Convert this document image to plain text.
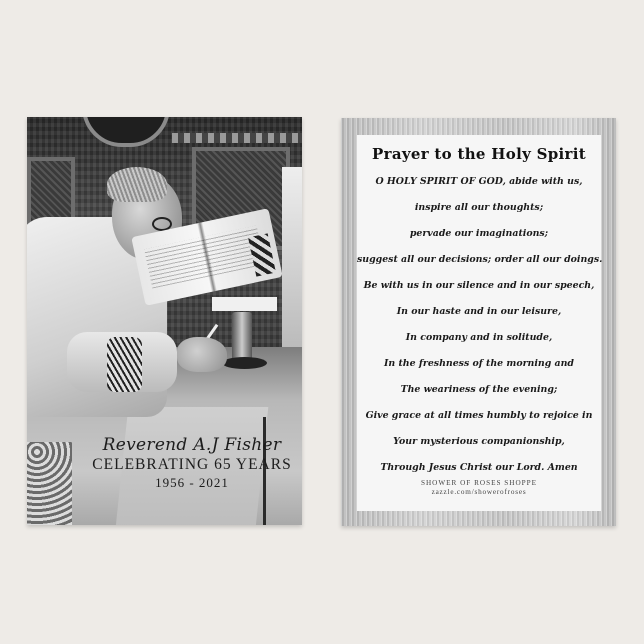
Reverend A.J Fisher
CELEBRATING 65 YEARS
1956 - 2021
Prayer to the Holy Spirit
O HOLY SPIRIT OF GOD, abide with us,
inspire all our thoughts;
pervade our imaginations;
suggest all our decisions; order all our doings.
Be with us in our silence and in our speech,
In our haste and in our leisure,
In company and in solitude,
In the freshness of the morning and
The weariness of the evening;
Give grace at all times humbly to rejoice in
Your mysterious companionship,
Through Jesus Christ our Lord. Amen
SHOWER OF ROSES SHOPPE
zazzle.com/showerofroses
